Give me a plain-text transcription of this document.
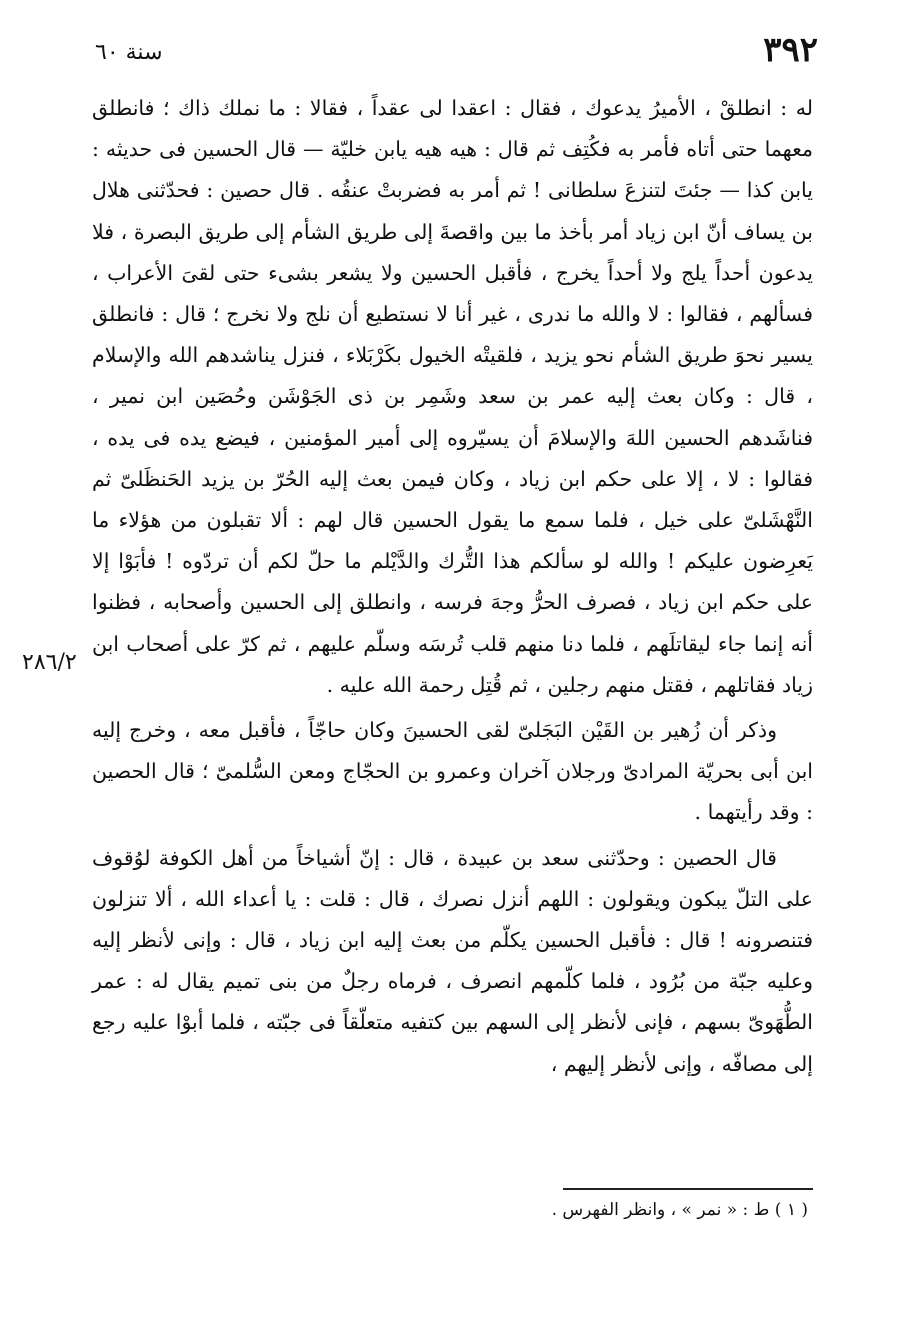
٣٩٢
سنة ٦٠

له : انطلقْ ، الأميرُ يدعوك ، فقال : اعقدا لى عقداً ، فقالا : ما نملك ذاك ؛ فانطلق معهما حتى أتاه فأمر به فكُتِف ثم قال : هيه هيه يابن خليّة — قال الحسين فى حديثه : يابن كذا — جئتَ لتنزعَ سلطانى ! ثم أمر به فضربتْ عنقُه . قال حصين : فحدّثنى هلال بن يساف أنّ ابن زياد أمر بأخذ ما بين واقصةَ إلى طريق الشأم إلى طريق البصرة ، فلا يدعون أحداً يلج ولا أحداً يخرج ، فأقبل الحسين ولا يشعر بشىء حتى لقىَ الأعراب ، فسألهم ، فقالوا : لا والله ما ندرى ، غير أنا لا نستطيع أن نلج ولا نخرج ؛ قال : فانطلق يسير نحوَ طريق الشأم نحو يزيد ، فلقيتْه الخيول بكَرْبَلاء ، فنزل يناشدهم الله والإسلام ، قال : وكان بعث إليه عمر بن سعد وشَمِر بن ذى الجَوْشَن وحُصَين ابن نمير ، فناشَدهم الحسين اللهَ والإسلامَ أن يسيّروه إلى أمير المؤمنين ، فيضع يده فى يده ، فقالوا : لا ، إلا على حكم ابن زياد ، وكان فيمن بعث إليه الحُرّ بن يزيد الحَنظَلىّ ثم النَّهْشَلىّ على خيل ، فلما سمع ما يقول الحسين قال لهم : ألا تقبلون من هؤلاء ما يَعرِضون عليكم ! والله لو سألكم هذا التُّرك والدَّيْلم ما حلّ لكم أن تردّوه ! فأبَوْا إلا على حكم ابن زياد ، فصرف الحرُّ وجهَ فرسه ، وانطلق إلى الحسين وأصحابه ، فظنوا أنه إنما جاء ليقاتلَهم ، فلما دنا منهم قلب تُرسَه وسلّم عليهم ، ثم كرّ على أصحاب ابن زياد فقاتلهم ، فقتل منهم رجلين ، ثم قُتِل رحمة الله عليه .

وذكر أن زُهير بن القَيْن البَجَلىّ لقى الحسينَ وكان حاجّاً ، فأقبل معه ، وخرج إليه ابن أبى بحريّة المرادىّ ورجلان آخران وعمرو بن الحجّاج ومعن السُّلمىّ ؛ قال الحصين : وقد رأيتهما .

قال الحصين : وحدّثنى سعد بن عبيدة ، قال : إنّ أشياخاً من أهل الكوفة لوُقوف على التلّ يبكون ويقولون : اللهم أنزل نصرك ، قال : قلت : يا أعداء الله ، ألا تنزلون فتنصرونه ! قال : فأقبل الحسين يكلّم من بعث إليه ابن زياد ، قال : وإنى لأنظر إليه وعليه جبّة من بُرُود ، فلما كلّمهم انصرف ، فرماه رجلٌ من بنى تميم يقال له : عمر الطُّهَوىّ بسهم ، فإنى لأنظر إلى السهم بين كتفيه متعلّقاً فى جبّته ، فلما أبوْا عليه رجع إلى مصافّه ، وإنى لأنظر إليهم ،

٢٨٦/٢
( ١ ) ط : « نمر » ، وانظر الفهرس .
